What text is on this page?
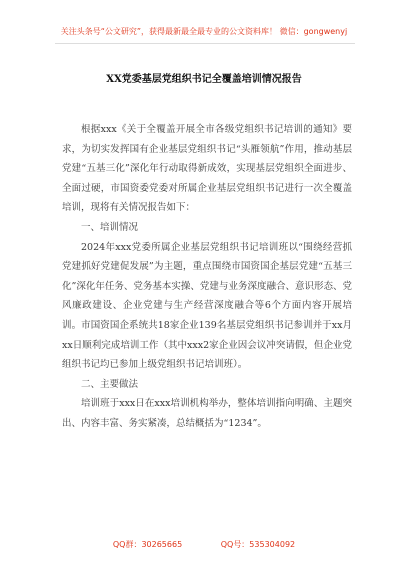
关注头条号“公文研究”，获得最新最全最专业的公文资料库！ 微信：gongwenyj
XX党委基层党组织书记全覆盖培训情况报告

根据xxx《关于全覆盖开展全市各级党组织书记培训的通知》要求，为切实发挥国有企业基层党组织书记“头雁领航”作用，推动基层党建“五基三化”深化年行动取得新成效，实现基层党组织全面进步、全面过硬，市国资委党委对所属企业基层党组织书记进行一次全覆盖培训，现将有关情况报告如下：

一、培训情况

2024年xxx党委所属企业基层党组织书记培训班以“围绕经营抓党建抓好党建促发展”为主题，重点围绕市国资国企基层党建“五基三化”深化年任务、党务基本实操、党建与业务深度融合、意识形态、党风廉政建设、企业党建与生产经营深度融合等6个方面内容开展培训。市国资国企系统共18家企业139名基层党组织书记参训并于xx月xx日顺利完成培训工作（其中xxx2家企业因会议冲突请假，但企业党组织书记均已参加上级党组织书记培训班）。

二、主要做法

培训班于xxx日在xxx培训机构举办，整体培训指向明确、主题突出、内容丰富、务实紧凑，总结概括为“1234”。

QQ群：30265665	QQ号：535304092
